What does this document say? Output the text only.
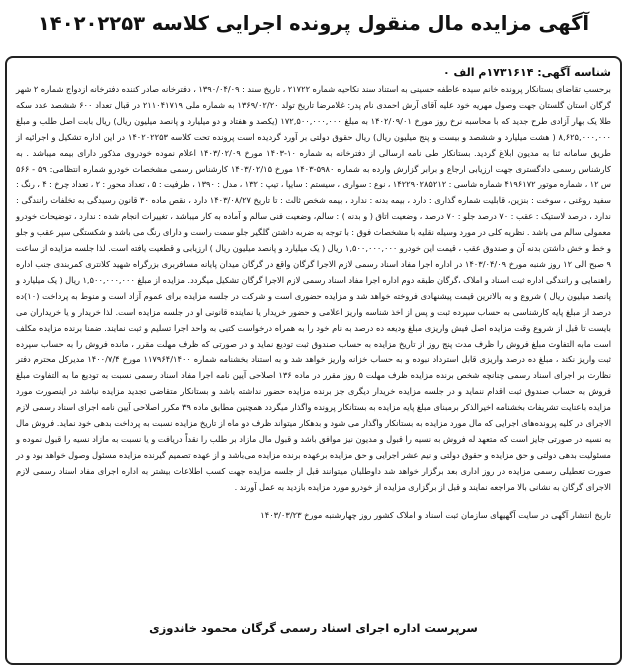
آگهی مزایده مال منقول پرونده اجرایی کلاسه ۱۴۰۲۰۲۲۵۳
شناسه آگهی: ۱۷۳۱۶۱۴م الف ۰

برحسب تقاضای بستانکار پرونده خانم سیده عاطفه حسینی به استناد سند نکاحیه شماره ۲۱۷۲۲ ، تاریخ سند : ۱۳۹۰/۰۴/۰۹ ، دفترخانه صادر کننده دفترخانه ازدواج شماره ۲ شهر گرگان استان گلستان جهت وصول مهریه خود علیه آقای آرش احمدی نام پدر: غلامرضا تاریخ تولد ۱۳۶۹/۰۲/۲۰ به شماره ملی ۲۱۱۰۴۱۷۱۹ در قبال تعداد ۶۰۰ ششصد عدد سکه طلا یک بهار آزادی طرح جدید که با محاسبه نرخ روز مورخ ۱۴۰۲/۰۹/۰۱ به مبلغ ۱۷۲,۵۰۰,۰۰۰,۰۰۰ (یکصد و هفتاد و دو میلیارد و پانصد میلیون ریال) ریال بابت اصل طلب و مبلغ ۸,۶۲۵,۰۰۰,۰۰۰ ( هشت میلیارد و ششصد و بیست و پنج میلیون ریال) ریال حقوق دولتی بر آورد گردیده است پرونده تحت کلاسه ۱۴۰۲۰۲۲۵۳ در این اداره تشکیل و اجرائیه از طریق سامانه ثنا به مدیون ابلاغ گردید. بستانکار طی نامه ارسالی از دفترخانه به شماره ۱۰-۱۴۰۳ مورخ ۱۴۰۳/۰۲/۰۹ اعلام نموده خودروی مذکور دارای بیمه میباشد . به کارشناس رسمی دادگستری جهت ارزیابی ارجاع و برابر گزارش وارده به شماره ۵۹۸۰-۱۴۰۳ مورخ ۱۴۰۳/۰۲/۱۵ کارشناس رسمی مشخصات خودرو شماره انتظامی: ۵۹ - ۵۶۶ س ۱۲ ، شماره موتور ۴۱۹۶۱۷۲ شماره شاسی : ۱۴۲۲۹۰۲۸۵۲۱۲ ، نوع : سواری ، سیستم : سایپا ، تیپ : ۱۳۲ ، مدل : ۱۳۹۰ ، ظرفیت : ۵ ، تعداد محور : ۲ ، تعداد چرخ : ۴ ، رنگ : سفید روغنی ، سوخت : بنزین، قابلیت شماره گذاری : دارد ، بیمه بدنه : ندارد ، بیمه شخص ثالث : تا تاریخ ۱۴۰۳/۰۸/۲۷ دارد ، نقص ماده ۳۰ قانون رسیدگی به تخلفات رانندگی : ندارد ، درصد لاستیک : عقب : ۷۰ درصد جلو : ۷۰ درصد ، وضعیت اتاق ( و بدنه ) : سالم، وضعیت فنی سالم و آماده به کار میباشد ، تغییرات انجام شده : ندارد ، توضیحات خودرو معمولی سالم می باشد . نظریه کلی در مورد وسیله نقلیه با مشخصات فوق : با توجه به ضربه داشتن گلگیر جلو سمت راست و دارای رنگ می باشد و شکستگی سپر عقب و جلو و خط و خش داشتن بدنه آن و صندوق عقب ، قیمت این خودرو ۱,۵۰۰,۰۰۰,۰۰۰ ریال ( یک میلیارد و پانصد میلیون ریال ) ارزیابی و قطعیت یافته است. لذا جلسه مزایده از ساعت ۹ صبح الی ۱۲ روز شنبه مورخ ۱۴۰۳/۰۴/۰۹ در اداره اجرا مفاد اسناد رسمی لازم الاجرا گرگان واقع در گرگان میدان پایانه مسافربری بزرگراه شهید کلانتری کمربندی جنب اداره راهنمایی و رانندگی اداره ثبت اسناد و املاک ،گرگان طبقه دوم اداره اجرا مفاد اسناد رسمی لازم الاجرا گرگان تشکیل میگردد. مزایده از مبلغ ۱,۵۰۰,۰۰۰,۰۰۰ ریال ( یک میلیارد و پانصد میلیون ریال ) شروع و به بالاترین قیمت پیشنهادی فروخته خواهد شد و مزایده حضوری است و شرکت در جلسه مزایده برای عموم آزاد است و منوط به پرداخت (۱۰)ده درصد از مبلغ پایه کارشناسی به حساب سپرده ثبت و پس از اخذ شناسه واریز اعلامی و حضور خریدار یا نماینده قانونی او در جلسه مزایده است. لذا خریدار و یا خریداران می بایست تا قبل از شروع وقت مزایده اصل فیش واریزی مبلغ ودیعه ده درصد به نام خود را به همراه درخواست کتبی به واحد اجرا تسلیم و ثبت نمایند. ضمنا برنده مزایده مکلف است مابه التفاوت مبلغ فروش را ظرف مدت پنج روز از تاریخ مزایده به حساب صندوق ثبت تودیع نماید و در صورتی که ظرف مهلت مقرر ، مانده فروش را به حساب سپرده ثبت واریز نکند ، مبلغ ده درصد واریزی قابل استرداد نبوده و به حساب خزانه واریز خواهد شد و به استناد بخشنامه شماره ۱۱۷۹۶۴/۱۴۰۰ مورخ ۱۴۰۰/۷/۴ مدیرکل محترم دفتر نظارت بر اجرای اسناد رسمی چنانچه شخص برنده مزایده ظرف مهلت ۵ روز مقرر در ماده ۱۳۶ اصلاحی آیین نامه اجرا مفاد اسناد رسمی نسبت به تودیع ما به التفاوت مبلغ فروش به حساب صندوق ثبت اقدام ننماید و در جلسه مزایده خریدار دیگری جز برنده مزایده حضور نداشته باشد و بستانکار متقاضی تجدید مزایده نباشد در اینصورت مورد مزایده باعنایت تشریفات بخشنامه اخیرالذکر برمبنای مبلغ پایه مزایده به بستانکار پرونده واگذار میگردد همچنین مطابق ماده ۳۹ مکرر اصلاحی آیین نامه اجرای اسناد رسمی لازم الاجرای در کلیه پرونده‌های اجرایی که مال مورد مزایده به بستانکار واگذار می شود و بدهکار میتواند ظرف دو ماه از تاریخ مزایده نسبت به پرداخت بدهی خود نماید. فروش مال به نسیه در صورتی جایز است که متعهد له فروش به نسیه را قبول و مدیون نیز موافق باشد و قبول مال مازاد بر طلب را نقداً دریافت و یا نسبت به مازاد نسیه را قبول نموده و مسئولیت بدهی دولتی و حق مزایده و حقوق دولتی و نیم عشر اجرایی و حق مزایده برعهده برنده مزایده می‌باشد و از عهده تصمیم گیرنده مزایده مسئول وصول خواهد بود و در صورت تعطیلی رسمی مزایده در روز اداری بعد برگزار خواهد شد داوطلبان میتوانند قبل از جلسه مزایده جهت کسب اطلاعات بیشتر به اداره اجرای مفاد اسناد رسمی لازم الاجرای گرگان به نشانی بالا مراجعه نمایند و قبل از برگزاری مزایده از خودرو مورد مزایده بازدید به عمل آورند .

تاریخ انتشار آگهی در سایت آگهیهای سازمان ثبت اسناد و املاک کشور روز چهارشنبه مورخ ۱۴۰۳/۰۳/۲۳
سرپرست اداره اجرای اسناد رسمی گرگان محمود خاندوزی
